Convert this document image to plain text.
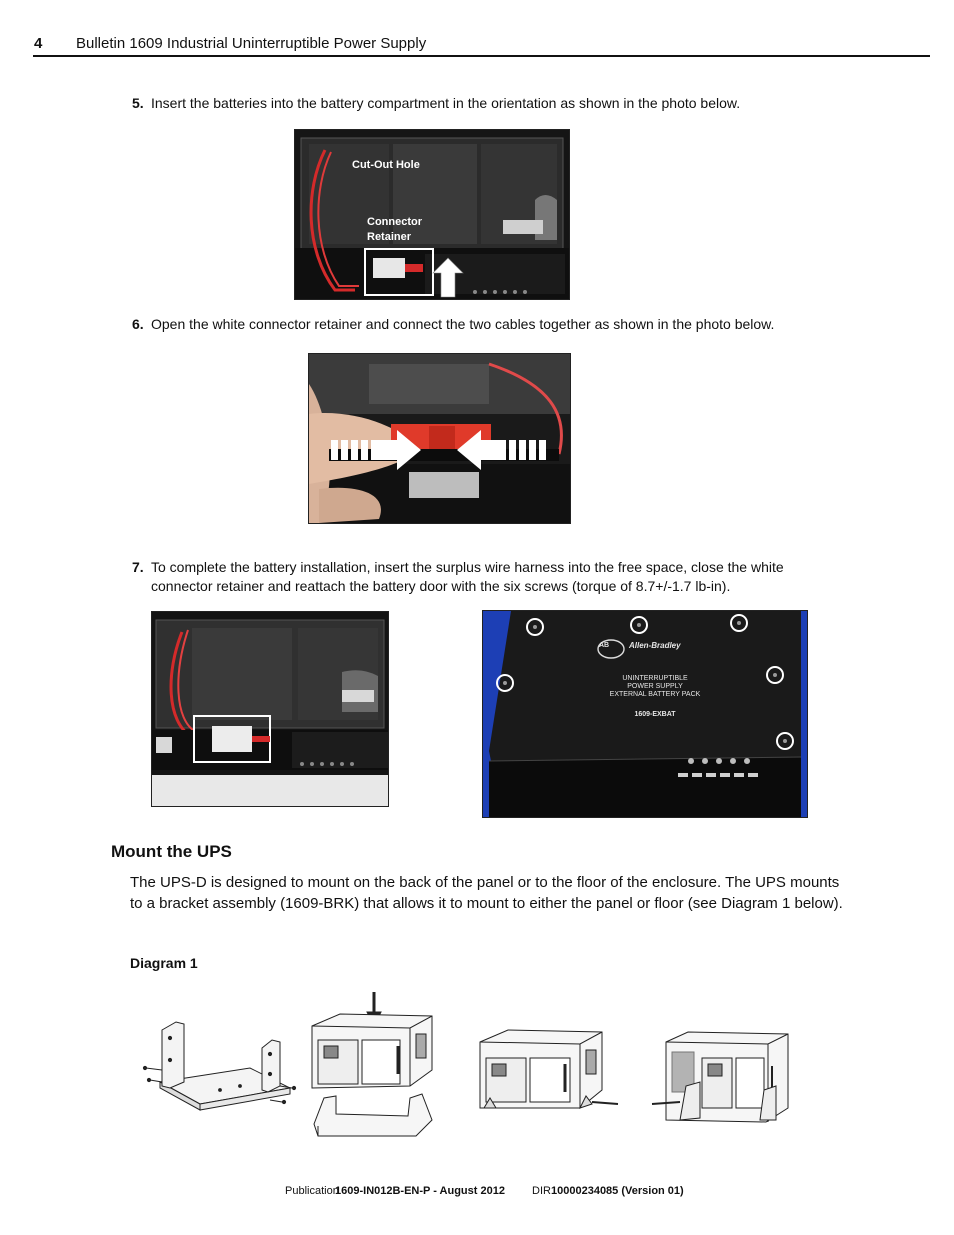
4 Bulletin 1609 Industrial Uninterruptible Power Supply
5. Insert the batteries into the battery compartment in the orientation as shown in the photo below.
Cut-Out Hole
Connector
Retainer
6. Open the white connector retainer and connect the two cables together as shown in the photo below.
7. To complete the battery installation, insert the surplus wire harness into the free space, close the white
connector retainer and reattach the battery door with the six screws (torque of 8.7+/-1.7 lb-in).
AB Allen-Bradley
UNINTERRUPTIBLE
POWER SUPPLY
EXTERNAL BATTERY PACK
1609-EXBAT
Mount the UPS
The UPS-D is designed to mount on the back of the panel or to the floor of the enclosure. The UPS mounts to a bracket assembly (1609-BRK) that allows it to mount to either the panel or floor (see Diagram 1 below).
Diagram 1
Publication
1609-IN012B-EN-P - August 2012 DIR 10000234085 (Version 01)
